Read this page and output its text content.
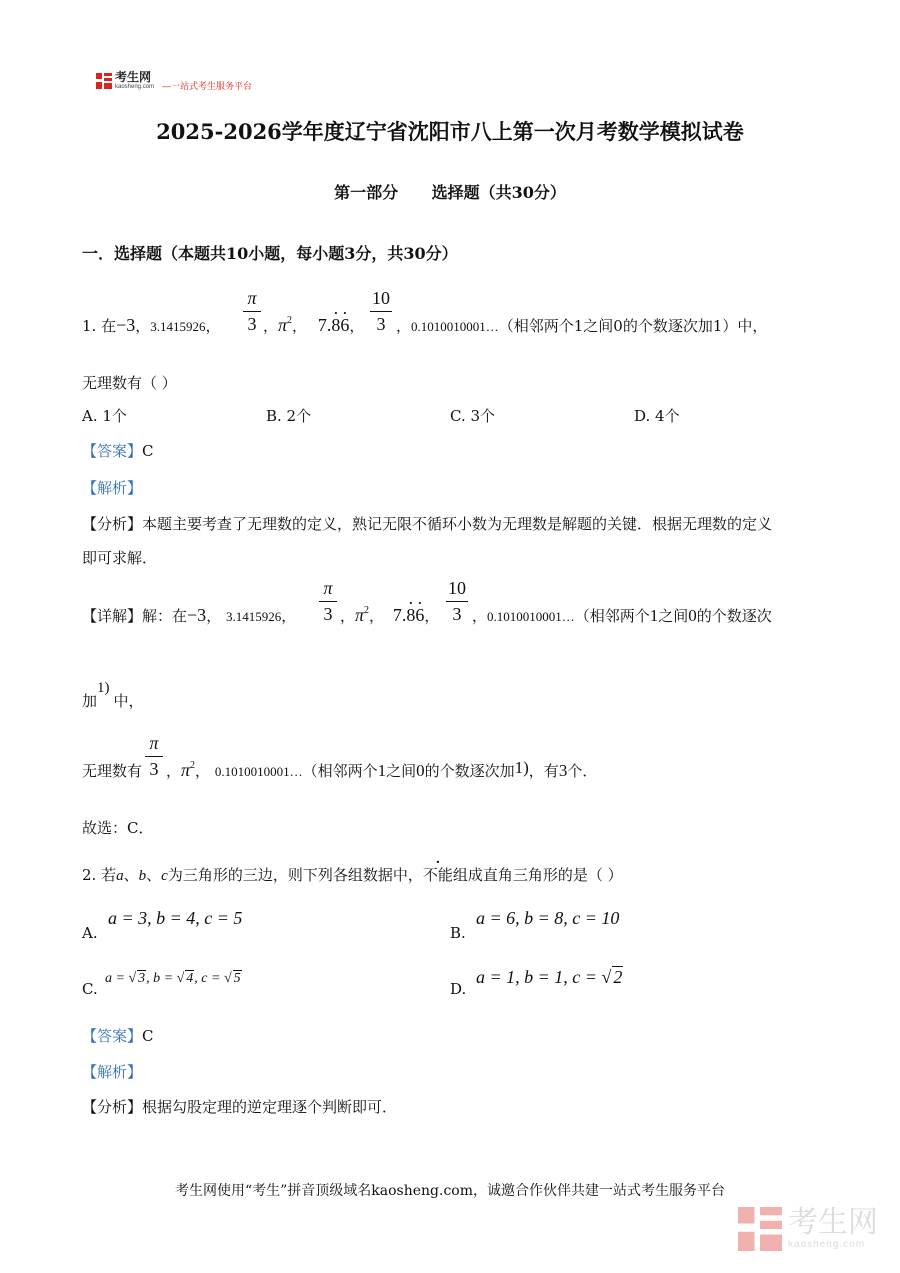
考生网
kaosheng.com —一站式考生服务平台
2025-2026学年度辽宁省沈阳市八上第一次月考数学模拟试卷
第一部分      选择题（共30分）
一．选择题（本题共10小题，每小题3分，共30分）
1. 在−3，3.1415926，
π
3 ，$\pi^2$， 7.· 8· 6，
10
3 ，0.1010010001…（相邻两个1之间0的个数逐次加1）中，
无理数有（ ）
A. 1个	B. 2个	C. 3个	D. 4个
【答案】C
【解析】
【分析】本题主要考查了无理数的定义，熟记无限不循环小数为无理数是解题的关键．根据无理数的定义
即可求解．
【详解】解：在−3， 3.1415926，
π
3 ，$\pi^2$， 7.· 8· 6，
10
3 ，0.1010010001…（相邻两个1之间0的个数逐次
加1)中，
无理数有
π
3 ，$\pi^2$， 0.1010010001…（相邻两个1之间0的个数逐次加1)，有3个．
故选：C．
2. 若a、b、c为三角形的三边，则下列各组数据中，不能组成直角三角形的是（ ）
A.
a = 3, b = 4, c = 5
B.
a = 6, b = 8, c = 10
C.
a = √ 3, b = √ 4, c = √ 5
D.
a = 1, b = 1, c = √ 2
【答案】C
【解析】
【分析】根据勾股定理的逆定理逐个判断即可．
考生网使用“考生”拼音顶级域名kaosheng.com，诚邀合作伙伴共建一站式考生服务平台
考生网
kaosheng.com
